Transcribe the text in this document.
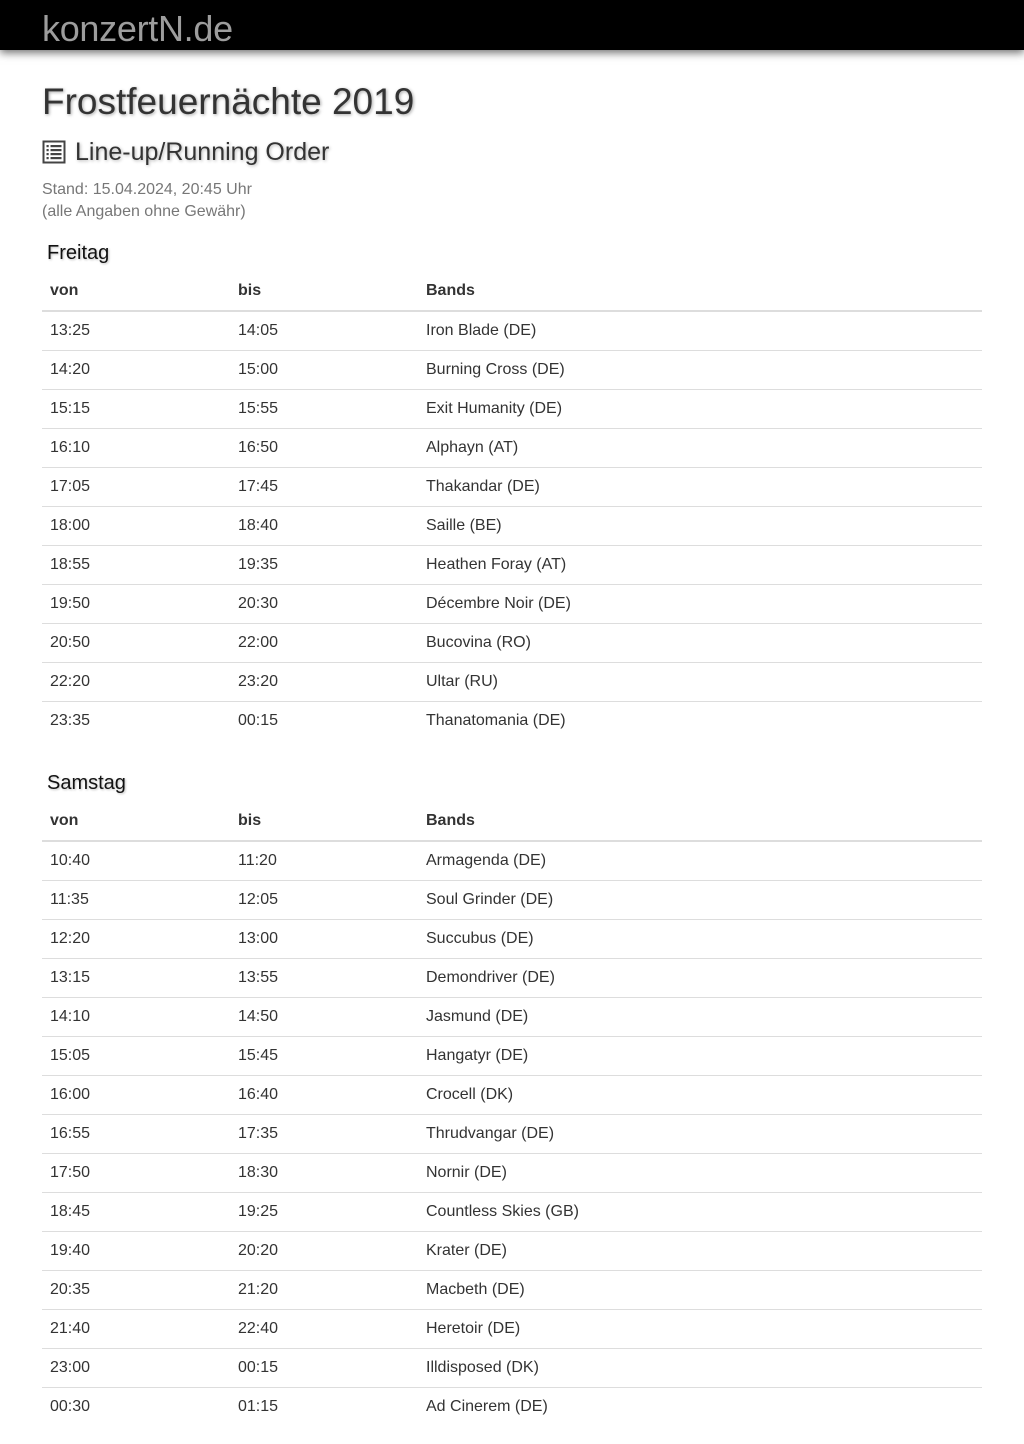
konzertN.de
Frostfeuernächte 2019
Line-up/Running Order
Stand: 15.04.2024, 20:45 Uhr
(alle Angaben ohne Gewähr)
Freitag
von	bis	Bands
13:25	14:05	Iron Blade (DE)
14:20	15:00	Burning Cross (DE)
15:15	15:55	Exit Humanity (DE)
16:10	16:50	Alphayn (AT)
17:05	17:45	Thakandar (DE)
18:00	18:40	Saille (BE)
18:55	19:35	Heathen Foray (AT)
19:50	20:30	Décembre Noir (DE)
20:50	22:00	Bucovina (RO)
22:20	23:20	Ultar (RU)
23:35	00:15	Thanatomania (DE)
Samstag
von	bis	Bands
10:40	11:20	Armagenda (DE)
11:35	12:05	Soul Grinder (DE)
12:20	13:00	Succubus (DE)
13:15	13:55	Demondriver (DE)
14:10	14:50	Jasmund (DE)
15:05	15:45	Hangatyr (DE)
16:00	16:40	Crocell (DK)
16:55	17:35	Thrudvangar (DE)
17:50	18:30	Nornir (DE)
18:45	19:25	Countless Skies (GB)
19:40	20:20	Krater (DE)
20:35	21:20	Macbeth (DE)
21:40	22:40	Heretoir (DE)
23:00	00:15	Illdisposed (DK)
00:30	01:15	Ad Cinerem (DE)
